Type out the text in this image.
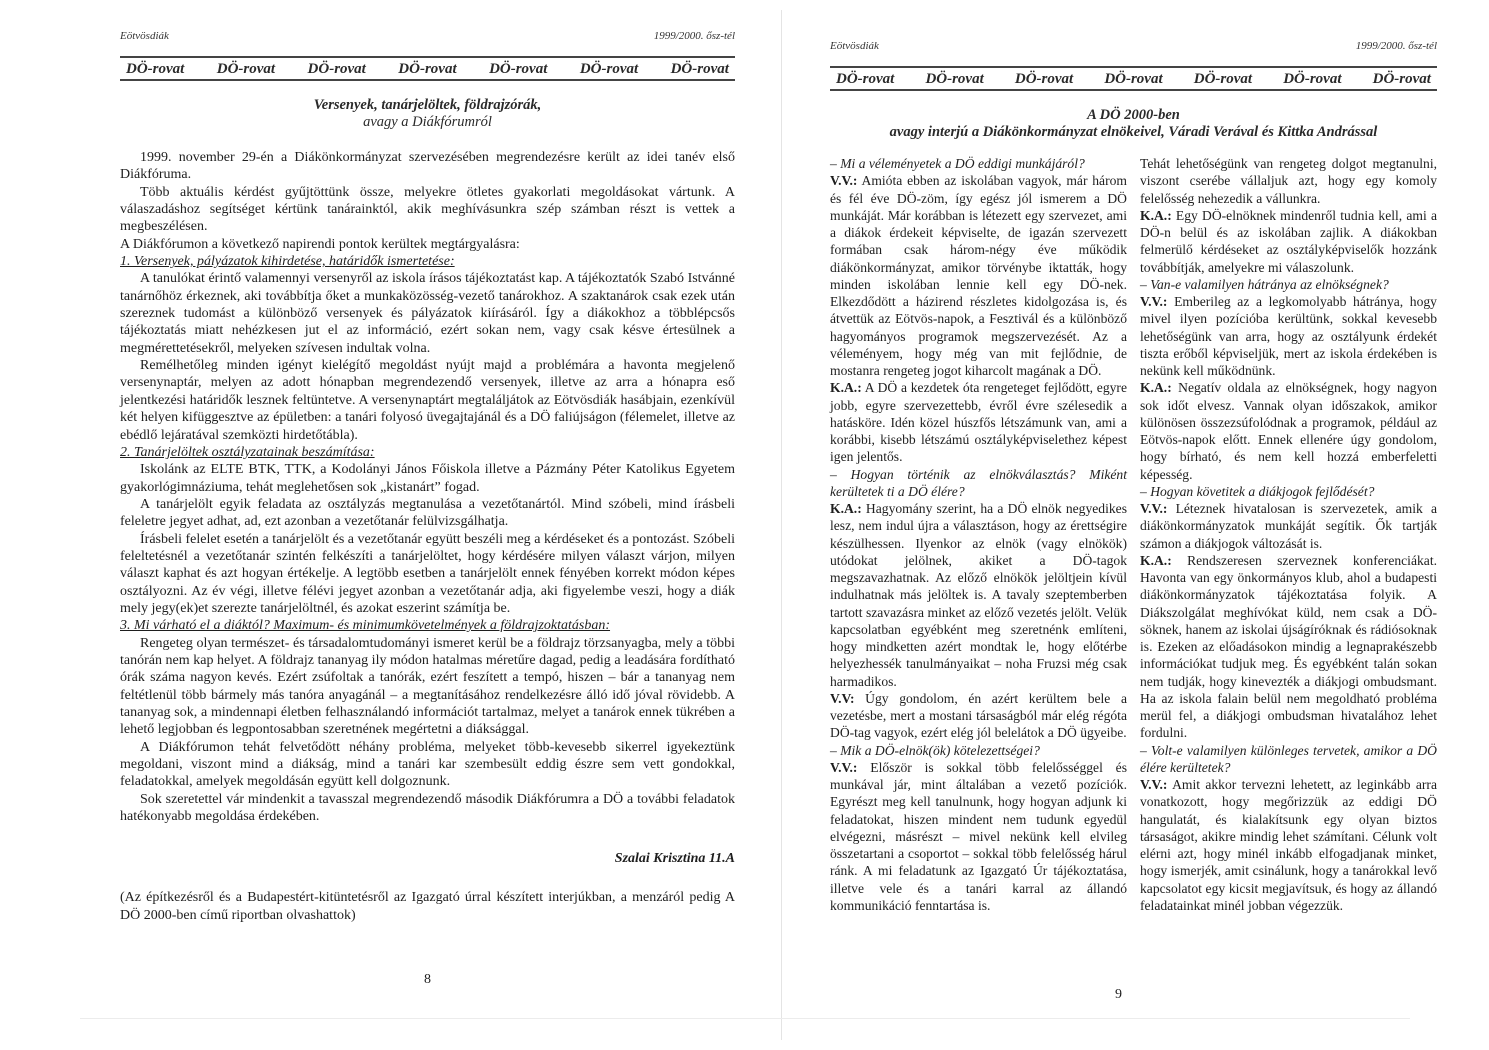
Eötvösdiák	1999/2000. ősz-tél
DÖ-rovat DÖ-rovat DÖ-rovat DÖ-rovat DÖ-rovat DÖ-rovat DÖ-rovat
Versenyek, tanárjelöltek, földrajzórák,
avagy a Diákfórumról

1999. november 29-én a Diákönkormányzat szervezésében megrendezésre került az idei tanév első Diákfóruma.

Több aktuális kérdést gyűjtöttünk össze, melyekre ötletes gyakorlati megoldásokat vártunk. A válaszadáshoz segítséget kértünk tanárainktól, akik meghívásunkra szép számban részt is vettek a megbeszélésen.

A Diákfórumon a következő napirendi pontok kerültek megtárgyalásra:

1. Versenyek, pályázatok kihirdetése, határidők ismertetése:

A tanulókat érintő valamennyi versenyről az iskola írásos tájékoztatást kap. A tájékoztatók Szabó Istvánné tanárnőhöz érkeznek, aki továbbítja őket a munkaközösség-vezető tanárokhoz. A szaktanárok csak ezek után szereznek tudomást a különböző versenyek és pályázatok kiírásáról. Így a diákokhoz a többlépcsős tájékoztatás miatt nehézkesen jut el az információ, ezért sokan nem, vagy csak késve értesülnek a megmérettetésekről, melyeken szívesen indultak volna.

Remélhetőleg minden igényt kielégítő megoldást nyújt majd a problémára a havonta megjelenő versenynaptár, melyen az adott hónapban megrendezendő versenyek, illetve az arra a hónapra eső jelentkezési határidők lesznek feltüntetve. A versenynaptárt megtaláljátok az Eötvösdiák hasábjain, ezenkívül két helyen kifüggesztve az épületben: a tanári folyosó üvegajtajánál és a DÖ faliújságon (félemelet, illetve az ebédlő lejáratával szemközti hirdetőtábla).

2. Tanárjelöltek osztályzatainak beszámítása:

Iskolánk az ELTE BTK, TTK, a Kodolányi János Főiskola illetve a Pázmány Péter Katolikus Egyetem gyakorlógimnáziuma, tehát meglehetősen sok „kistanárt” fogad.

A tanárjelölt egyik feladata az osztályzás megtanulása a vezetőtanártól. Mind szóbeli, mind írásbeli feleletre jegyet adhat, ad, ezt azonban a vezetőtanár felülvizsgálhatja.

Írásbeli felelet esetén a tanárjelölt és a vezetőtanár együtt beszéli meg a kérdéseket és a pontozást. Szóbeli feleltetésnél a vezetőtanár szintén felkészíti a tanárjelöltet, hogy kérdésére milyen választ várjon, milyen választ kaphat és azt hogyan értékelje. A legtöbb esetben a tanárjelölt ennek fényében korrekt módon képes osztályozni. Az év végi, illetve félévi jegyet azonban a vezetőtanár adja, aki figyelembe veszi, hogy a diák mely jegy(ek)et szerezte tanárjelöltnél, és azokat eszerint számítja be.

3. Mi várható el a diáktól? Maximum- és minimumkövetelmények a földrajzoktatásban:

Rengeteg olyan természet- és társadalomtudományi ismeret kerül be a földrajz törzsanyagba, mely a többi tanórán nem kap helyet. A földrajz tananyag ily módon hatalmas méretűre dagad, pedig a leadására fordítható órák száma nagyon kevés. Ezért zsúfoltak a tanórák, ezért feszített a tempó, hiszen – bár a tananyag nem feltétlenül több bármely más tanóra anyagánál – a megtanításához rendelkezésre álló idő jóval rövidebb. A tananyag sok, a mindennapi életben felhasználandó információt tartalmaz, melyet a tanárok ennek tükrében a lehető legjobban és legpontosabban szeretnének megértetni a diáksággal.

A Diákfórumon tehát felvetődött néhány probléma, melyeket több-kevesebb sikerrel igyekeztünk megoldani, viszont mind a diákság, mind a tanári kar szembesült eddig észre sem vett gondokkal, feladatokkal, amelyek megoldásán együtt kell dolgoznunk.

Sok szeretettel vár mindenkit a tavasszal megrendezendő második Diákfórumra a DÖ a további feladatok hatékonyabb megoldása érdekében.

Szalai Krisztina 11.A
(Az építkezésről és a Budapestért-kitüntetésről az Igazgató úrral készített interjúkban, a menzáról pedig A DÖ 2000-ben című riportban olvashattok)
8
Eötvösdiák	1999/2000. ősz-tél
DÖ-rovat DÖ-rovat DÖ-rovat DÖ-rovat DÖ-rovat DÖ-rovat DÖ-rovat
A DÖ 2000-ben
avagy interjú a Diákönkormányzat elnökeivel, Váradi Verával és Kittka Andrással

– Mi a véleményetek a DÖ eddigi munkájáról?

V.V.: Amióta ebben az iskolában vagyok, már három és fél éve DÖ-zöm, így egész jól ismerem a DÖ munkáját. Már korábban is létezett egy szervezet, ami a diákok érdekeit képviselte, de igazán szervezett formában csak három-négy éve működik diákönkormányzat, amikor törvénybe iktatták, hogy minden iskolában lennie kell egy DÖ-nek. Elkezdődött a házirend részletes kidolgozása is, és átvettük az Eötvös-napok, a Fesztivál és a különböző hagyományos programok megszervezését. Az a véleményem, hogy még van mit fejlődnie, de mostanra rengeteg jogot kiharcolt magának a DÖ.

K.A.: A DÖ a kezdetek óta rengeteget fejlődött, egyre jobb, egyre szervezettebb, évről évre szélesedik a hatásköre. Idén közel húszfős létszámunk van, ami a korábbi, kisebb létszámú osztályképviselethez képest igen jelentős.

– Hogyan történik az elnökválasztás? Miként kerültetek ti a DÖ élére?

K.A.: Hagyomány szerint, ha a DÖ elnök negyedikes lesz, nem indul újra a választáson, hogy az érettségire készülhessen. Ilyenkor az elnök (vagy elnökök) utódokat jelölnek, akiket a DÖ-tagok megszavazhatnak. Az előző elnökök jelöltjein kívül indulhatnak más jelöltek is. A tavaly szeptemberben tartott szavazásra minket az előző vezetés jelölt. Velük kapcsolatban egyébként meg szeretnénk említeni, hogy mindketten azért mondtak le, hogy előtérbe helyezhessék tanulmányaikat – noha Fruzsi még csak harmadikos.

V.V: Úgy gondolom, én azért kerültem bele a vezetésbe, mert a mostani társaságból már elég régóta DÖ-tag vagyok, ezért elég jól belelátok a DÖ ügyeibe.

– Mik a DÖ-elnök(ök) kötelezettségei?

V.V.: Először is sokkal több felelősséggel és munkával jár, mint általában a vezető pozíciók. Egyrészt meg kell tanulnunk, hogy hogyan adjunk ki feladatokat, hiszen mindent nem tudunk egyedül elvégezni, másrészt – mivel nekünk kell elvileg összetartani a csoportot – sokkal több felelősség hárul ránk. A mi feladatunk az Igazgató Úr tájékoztatása, illetve vele és a tanári karral az állandó kommunikáció fenntartása is.

Tehát lehetőségünk van rengeteg dolgot megtanulni, viszont cserébe vállaljuk azt, hogy egy komoly felelősség nehezedik a vállunkra.

K.A.: Egy DÖ-elnöknek mindenről tudnia kell, ami a DÖ-n belül és az iskolában zajlik. A diákokban felmerülő kérdéseket az osztályképviselők hozzánk továbbítják, amelyekre mi válaszolunk.

– Van-e valamilyen hátránya az elnökségnek?

V.V.: Emberileg az a legkomolyabb hátránya, hogy mivel ilyen pozícióba kerültünk, sokkal kevesebb lehetőségünk van arra, hogy az osztályunk érdekét tiszta erőből képviseljük, mert az iskola érdekében is nekünk kell működnünk.

K.A.: Negatív oldala az elnökségnek, hogy nagyon sok időt elvesz. Vannak olyan időszakok, amikor különösen összezsúfolódnak a programok, például az Eötvös-napok előtt. Ennek ellenére úgy gondolom, hogy bírható, és nem kell hozzá emberfeletti képesség.

– Hogyan követitek a diákjogok fejlődését?

V.V.: Léteznek hivatalosan is szervezetek, amik a diákönkormányzatok munkáját segítik. Ők tartják számon a diákjogok változását is.

K.A.: Rendszeresen szerveznek konferenciákat. Havonta van egy önkormányos klub, ahol a budapesti diákönkormányzatok tájékoztatása folyik. A Diákszolgálat meghívókat küld, nem csak a DÖ-söknek, hanem az iskolai újságíróknak és rádiósoknak is. Ezeken az előadásokon mindig a legnaprakészebb információkat tudjuk meg. És egyébként talán sokan nem tudják, hogy kinevezték a diákjogi ombudsmant. Ha az iskola falain belül nem megoldható probléma merül fel, a diákjogi ombudsman hivatalához lehet fordulni.

– Volt-e valamilyen különleges tervetek, amikor a DÖ élére kerültetek?

V.V.: Amit akkor tervezni lehetett, az leginkább arra vonatkozott, hogy megőrizzük az eddigi DÖ hangulatát, és kialakítsunk egy olyan biztos társaságot, akikre mindig lehet számítani. Célunk volt elérni azt, hogy minél inkább elfogadjanak minket, hogy ismerjék, amit csinálunk, hogy a tanárokkal levő kapcsolatot egy kicsit megjavítsuk, és hogy az állandó feladatainkat minél jobban végezzük.

9
